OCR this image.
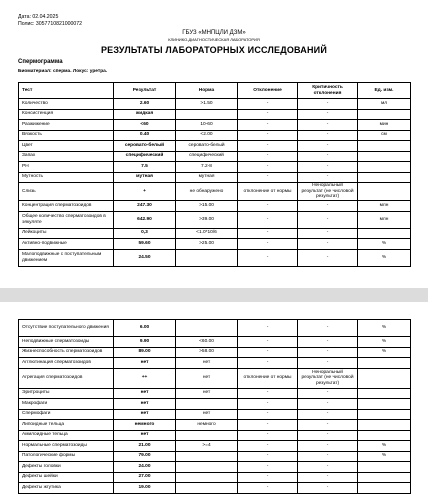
Дата: 02.04.2025
Полис: 3057710821000072
ГБУЗ «МНПЦЛИ ДЗМ»
КЛИНИКО-ДИАГНОСТИЧЕСКАЯ ЛАБОРАТОРИЯ
РЕЗУЛЬТАТЫ ЛАБОРАТОРНЫХ ИССЛЕДОВАНИЙ
Спермограмма
Биоматериал: сперма. Локус: уретра.
Тест	Результат	Норма	Отклонение	Критичность отклонения	Ед. изм.
Количество	2.60	>1.50	-	-	мл
Консистенция	жидкая		-	-	
Разжижение	<60	10-60	-	-	мин
Вязкость	0.40	<2.00	-	-	см
Цвет	серовато-белый	серовато-белый	-	-	
Запах	специфический	специфический	-	-	
PH	7.5	7.2-8	-	-	
Мутность	мутная	мутная	-	-	
Слизь	+	не обнаружено	отклонение от нормы	Неноральный результат (не числовой результат)	
Концентрация сперматозоидов	247.30	>15.00	-	-	млн
Общее количество сперматозоидов в эякуляте	642.90	>39.00	-	-	млн
Лейкоциты	0,3	<1.0*10/6	-	-	
Активно-подвижные	59.60	>25.00	-	-	%
Малоподвижные с поступательным движением	24.50		-	-	%
Отсутствие поступательного движения	6.00		-	-	%
Неподвижные сперматозоиды	9.90	<60.00	-	-	%
Жизнеспособность сперматозоидов	89.00	>58.00	-	-	%
Агглютинация сперматозоидов	нет	нет	-	-	
Агрегация сперматозоидов	++	нет	отклонение от нормы	Неноральный результат (не числовой результат)	
Эритроциты	нет	нет	-	-	
Макрофаги	нет		-	-	
Спермофаги	нет	нет	-	-	
Липоидные тельца	немного	немного	-	-	
Амилоидные тельца	нет		-	-	
Нормальные сперматозоиды	21.00	>=4	-	-	%
Патологические формы	79.00		-	-	%
Дефекты головки	24.00		-	-	
Дефекты шейки	27.00		-	-	
Дефекты жгутика	19.00		-	-	
